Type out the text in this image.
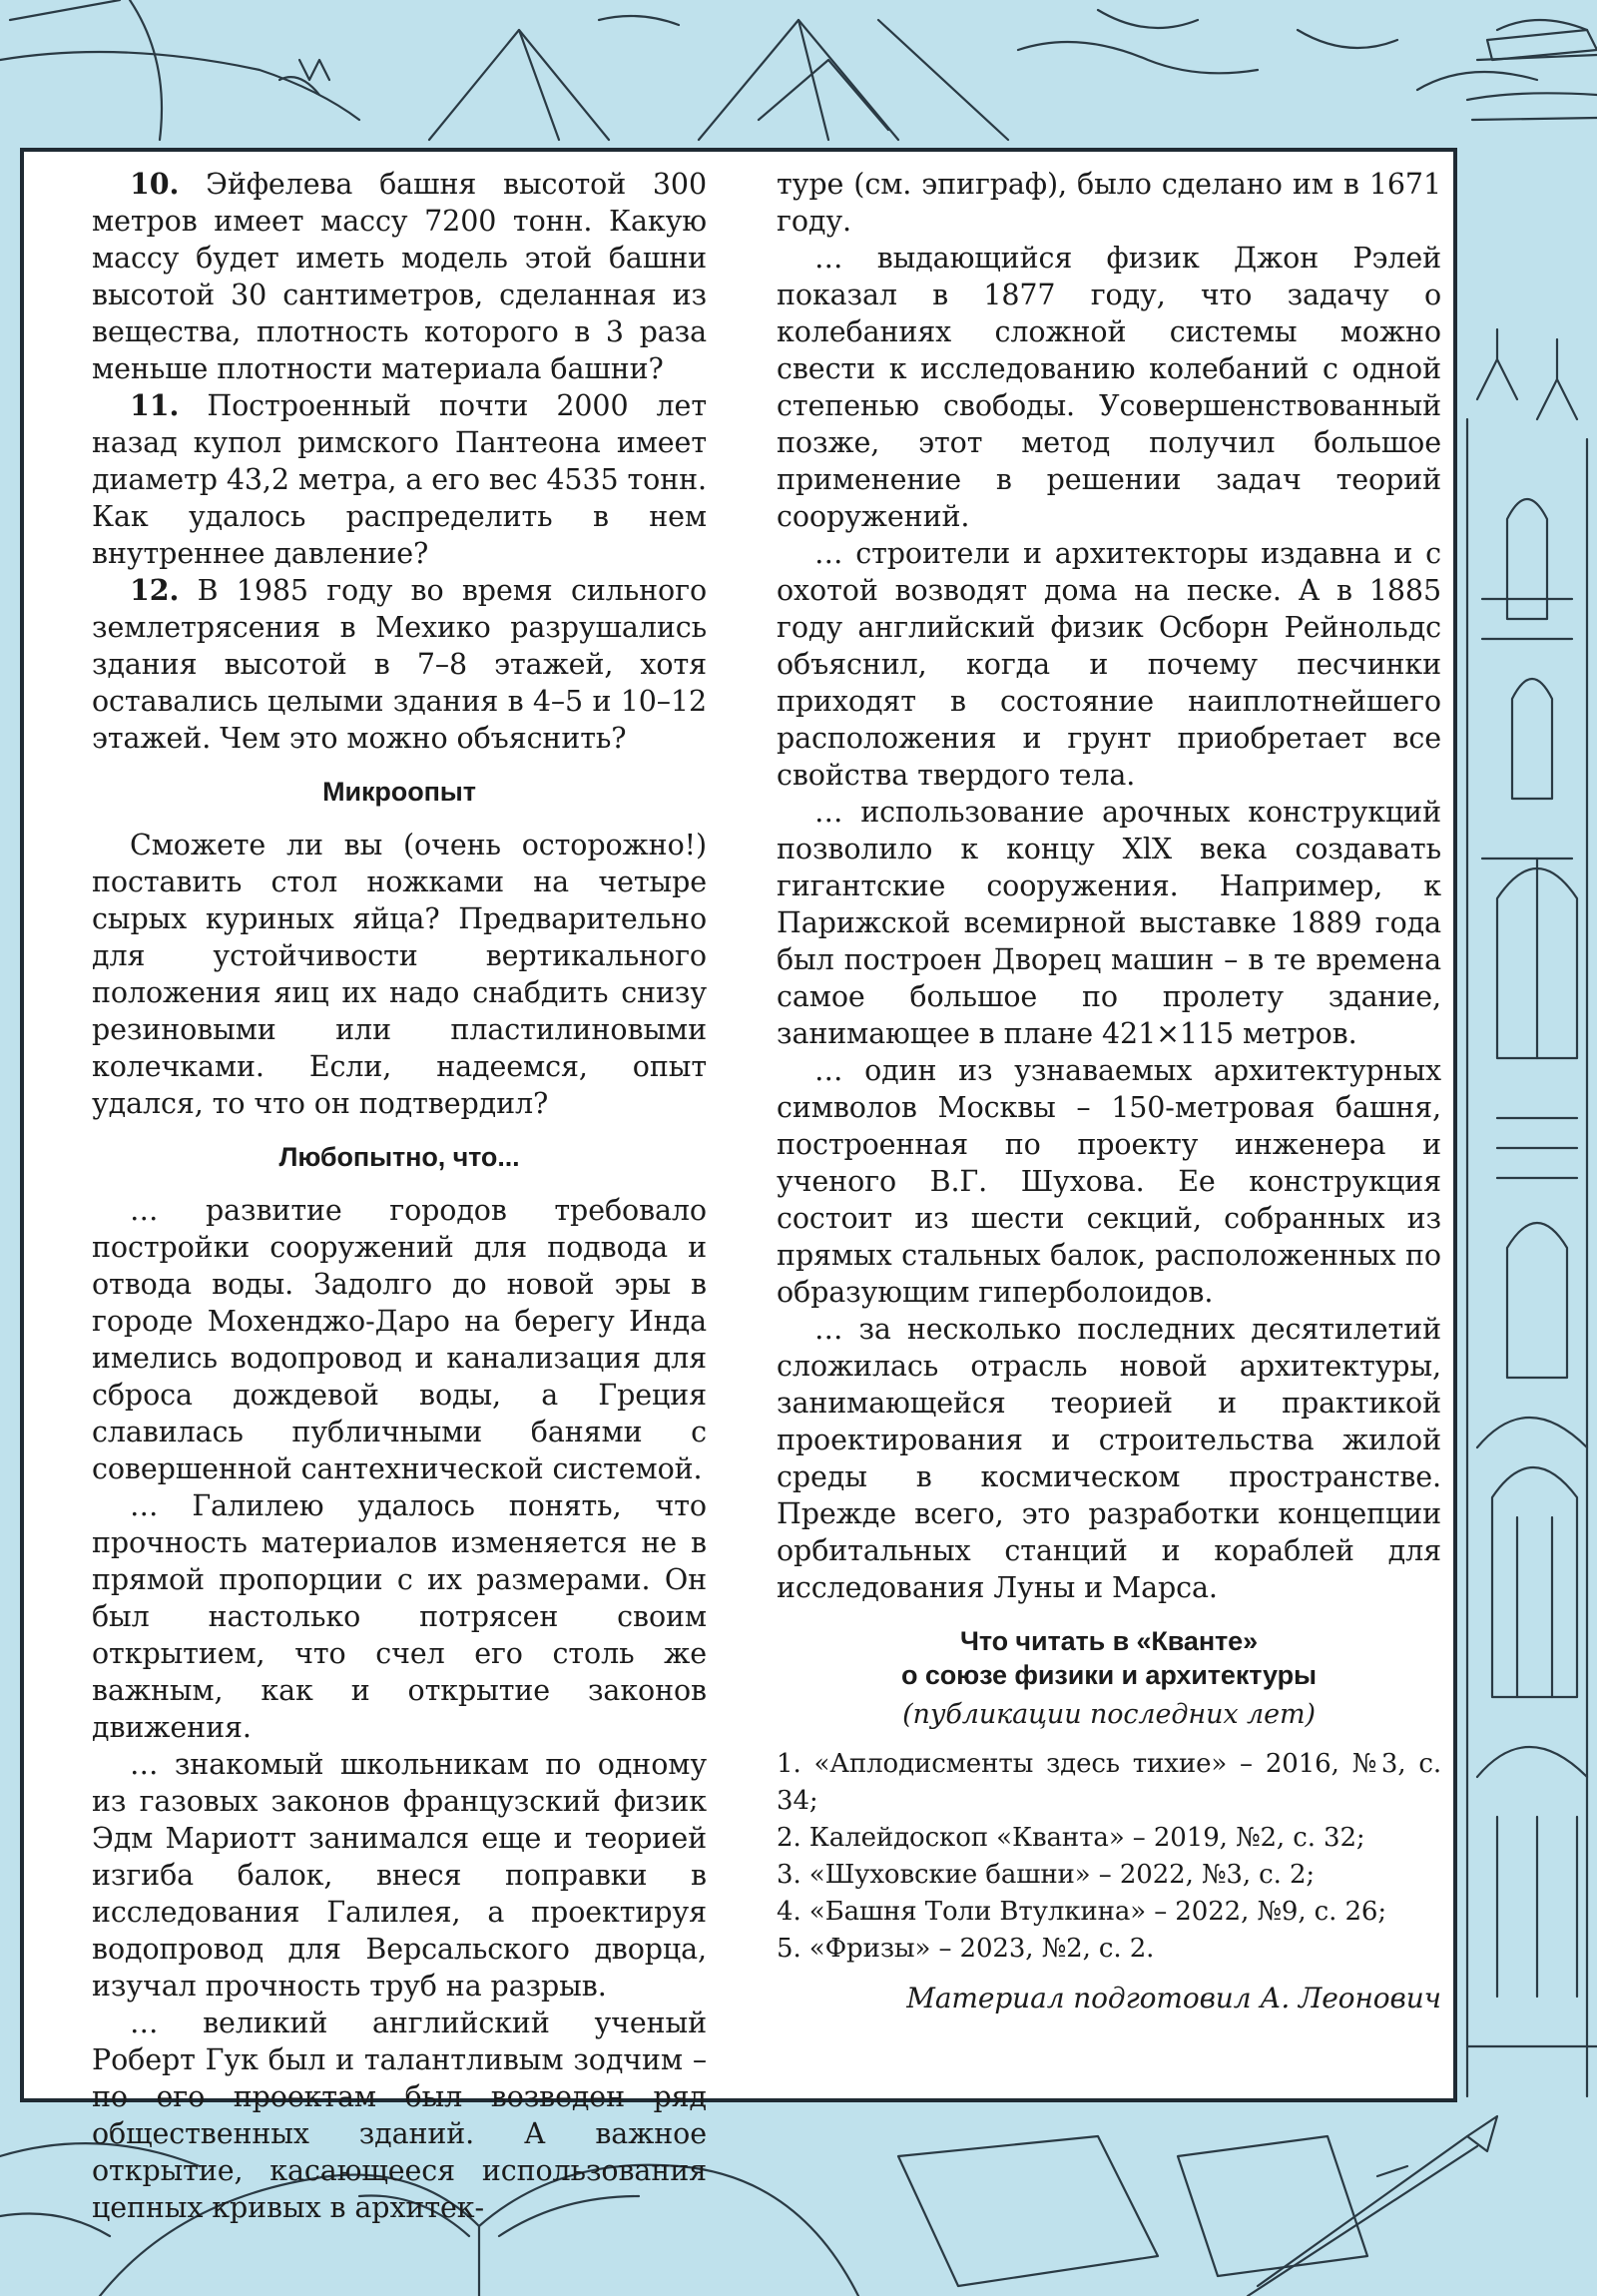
10. Эйфелева башня высотой 300 метров имеет массу 7200 тонн. Какую массу будет иметь модель этой башни высотой 30 сантиметров, сделанная из вещества, плотность которого в 3 раза меньше плотности материала башни?

11. Построенный почти 2000 лет назад купол римского Пантеона имеет диаметр 43,2 метра, а его вес 4535 тонн. Как удалось распределить в нем внутреннее давление?

12. В 1985 году во время сильного землетрясения в Мехико разрушались здания высотой в 7–8 этажей, хотя оставались целыми здания в 4–5 и 10–12 этажей. Чем это можно объяснить?

Микроопыт

Сможете ли вы (очень осторожно!) поставить стол ножками на четыре сырых куриных яйца? Предварительно для устойчивости вертикального положения яиц их надо снабдить снизу резиновыми или пластилиновыми колечками. Если, надеемся, опыт удался, то что он подтвердил?

Любопытно, что...

… развитие городов требовало постройки сооружений для подвода и отвода воды. Задолго до новой эры в городе Мохенджо-Даро на берегу Инда имелись водопровод и канализация для сброса дождевой воды, а Греция славилась публичными банями с совершенной сантехнической системой.

… Галилею удалось понять, что прочность материалов изменяется не в прямой пропорции с их размерами. Он был настолько потрясен своим открытием, что счел его столь же важным, как и открытие законов движения.

… знакомый школьникам по одному из газовых законов французский физик Эдм Мариотт занимался еще и теорией изгиба балок, внеся поправки в исследования Галилея, а проектируя водопровод для Версальского дворца, изучал прочность труб на разрыв.

… великий английский ученый Роберт Гук был и талантливым зодчим – по его проектам был возведен ряд общественных зданий. А важное открытие, касающееся использования цепных кривых в архитек-

туре (см. эпиграф), было сделано им в 1671 году.

… выдающийся физик Джон Рэлей показал в 1877 году, что задачу о колебаниях сложной системы можно свести к исследованию колебаний с одной степенью свободы. Усовершенствованный позже, этот метод получил большое применение в решении задач теорий сооружений.

… строители и архитекторы издавна и с охотой возводят дома на песке. А в 1885 году английский физик Осборн Рейнольдс объяснил, когда и почему песчинки приходят в состояние наиплотнейшего расположения и грунт приобретает все свойства твердого тела.

… использование арочных конструкций позволило к концу XlX века создавать гигантские сооружения. Например, к Парижской всемирной выставке 1889 года был построен Дворец машин – в те времена самое большое по пролету здание, занимающее в плане 421×115 метров.

… один из узнаваемых архитектурных символов Москвы – 150-метровая башня, построенная по проекту инженера и ученого В.Г. Шухова. Ее конструкция состоит из шести секций, собранных из прямых стальных балок, расположенных по образующим гиперболоидов.

… за несколько последних десятилетий сложилась отрасль новой архитектуры, занимающейся теорией и практикой проектирования и строительства жилой среды в космическом пространстве. Прежде всего, это разработки концепции орбитальных станций и кораблей для исследования Луны и Марса.

Что читать в «Кванте»
о союзе физики и архитектуры
(публикации последних лет)

1. «Аплодисменты здесь тихие» – 2016, №3, с. 34;

2. Калейдоскоп «Кванта» – 2019, №2, с. 32;

3. «Шуховские башни» – 2022, №3, с. 2;

4. «Башня Толи Втулкина» – 2022, №9, с. 26;

5. «Фризы» – 2023, №2, с. 2.

Материал подготовил А. Леонович
